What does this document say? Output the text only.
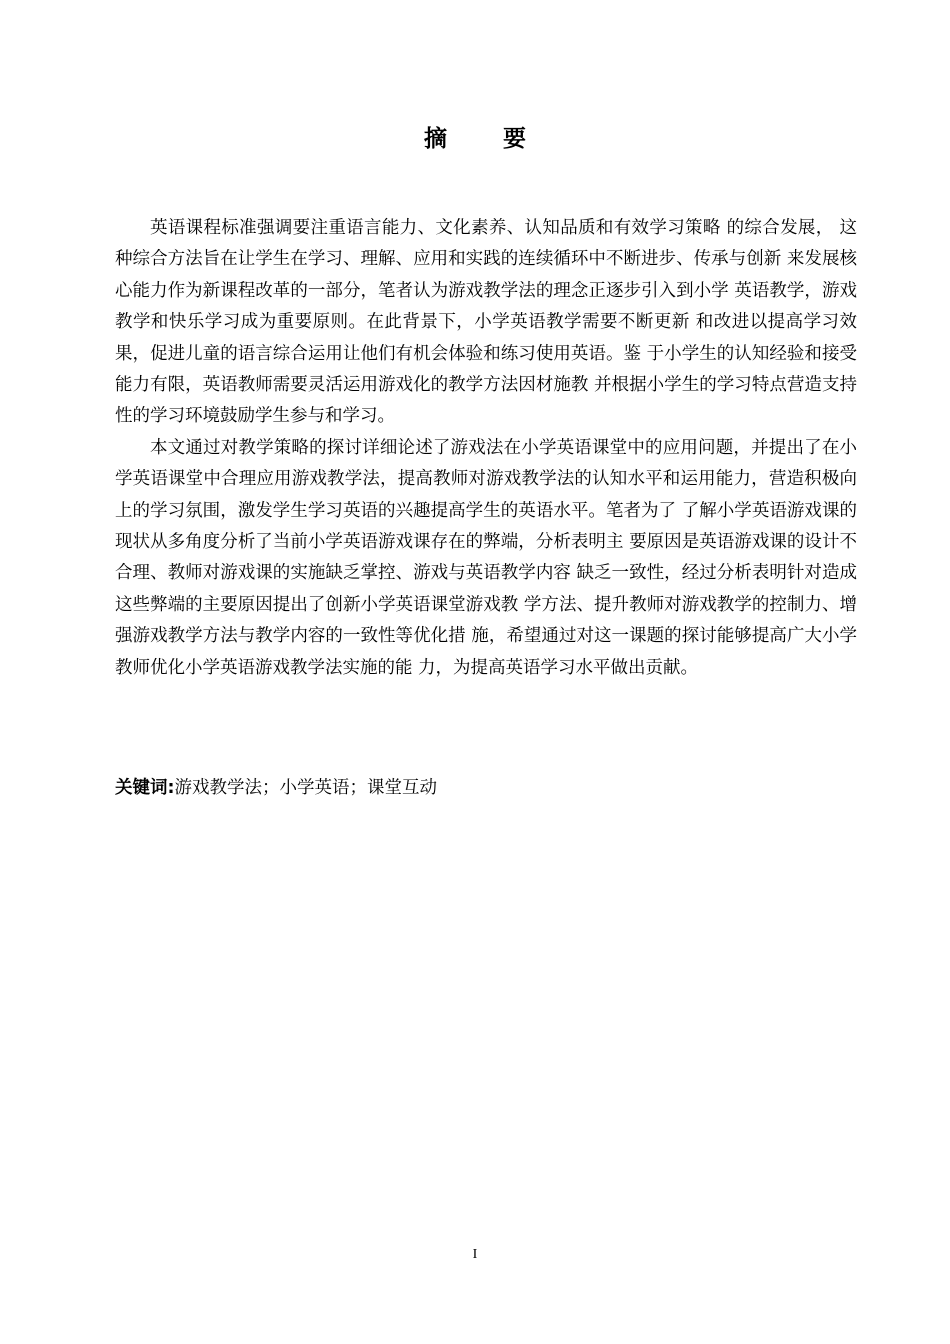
摘 要

英语课程标准强调要注重语言能力、文化素养、认知品质和有效学习策略 的综合发展， 这种综合方法旨在让学生在学习、理解、应用和实践的连续循环中不断进步、传承与创新 来发展核心能力作为新课程改革的一部分，笔者认为游戏教学法的理念正逐步引入到小学 英语教学，游戏教学和快乐学习成为重要原则。在此背景下，小学英语教学需要不断更新 和改进以提高学习效果，促进儿童的语言综合运用让他们有机会体验和练习使用英语。鉴 于小学生的认知经验和接受能力有限，英语教师需要灵活运用游戏化的教学方法因材施教 并根据小学生的学习特点营造支持性的学习环境鼓励学生参与和学习。

本文通过对教学策略的探讨详细论述了游戏法在小学英语课堂中的应用问题，并提出了在小学英语课堂中合理应用游戏教学法，提高教师对游戏教学法的认知水平和运用能力，营造积极向上的学习氛围，激发学生学习英语的兴趣提高学生的英语水平。笔者为了 了解小学英语游戏课的现状从多角度分析了当前小学英语游戏课存在的弊端，分析表明主 要原因是英语游戏课的设计不合理、教师对游戏课的实施缺乏掌控、游戏与英语教学内容 缺乏一致性，经过分析表明针对造成这些弊端的主要原因提出了创新小学英语课堂游戏教 学方法、提升教师对游戏教学的控制力、增强游戏教学方法与教学内容的一致性等优化措 施，希望通过对这一课题的探讨能够提高广大小学教师优化小学英语游戏教学法实施的能 力，为提高英语学习水平做出贡献。

关键词:游戏教学法；小学英语；课堂互动
I
